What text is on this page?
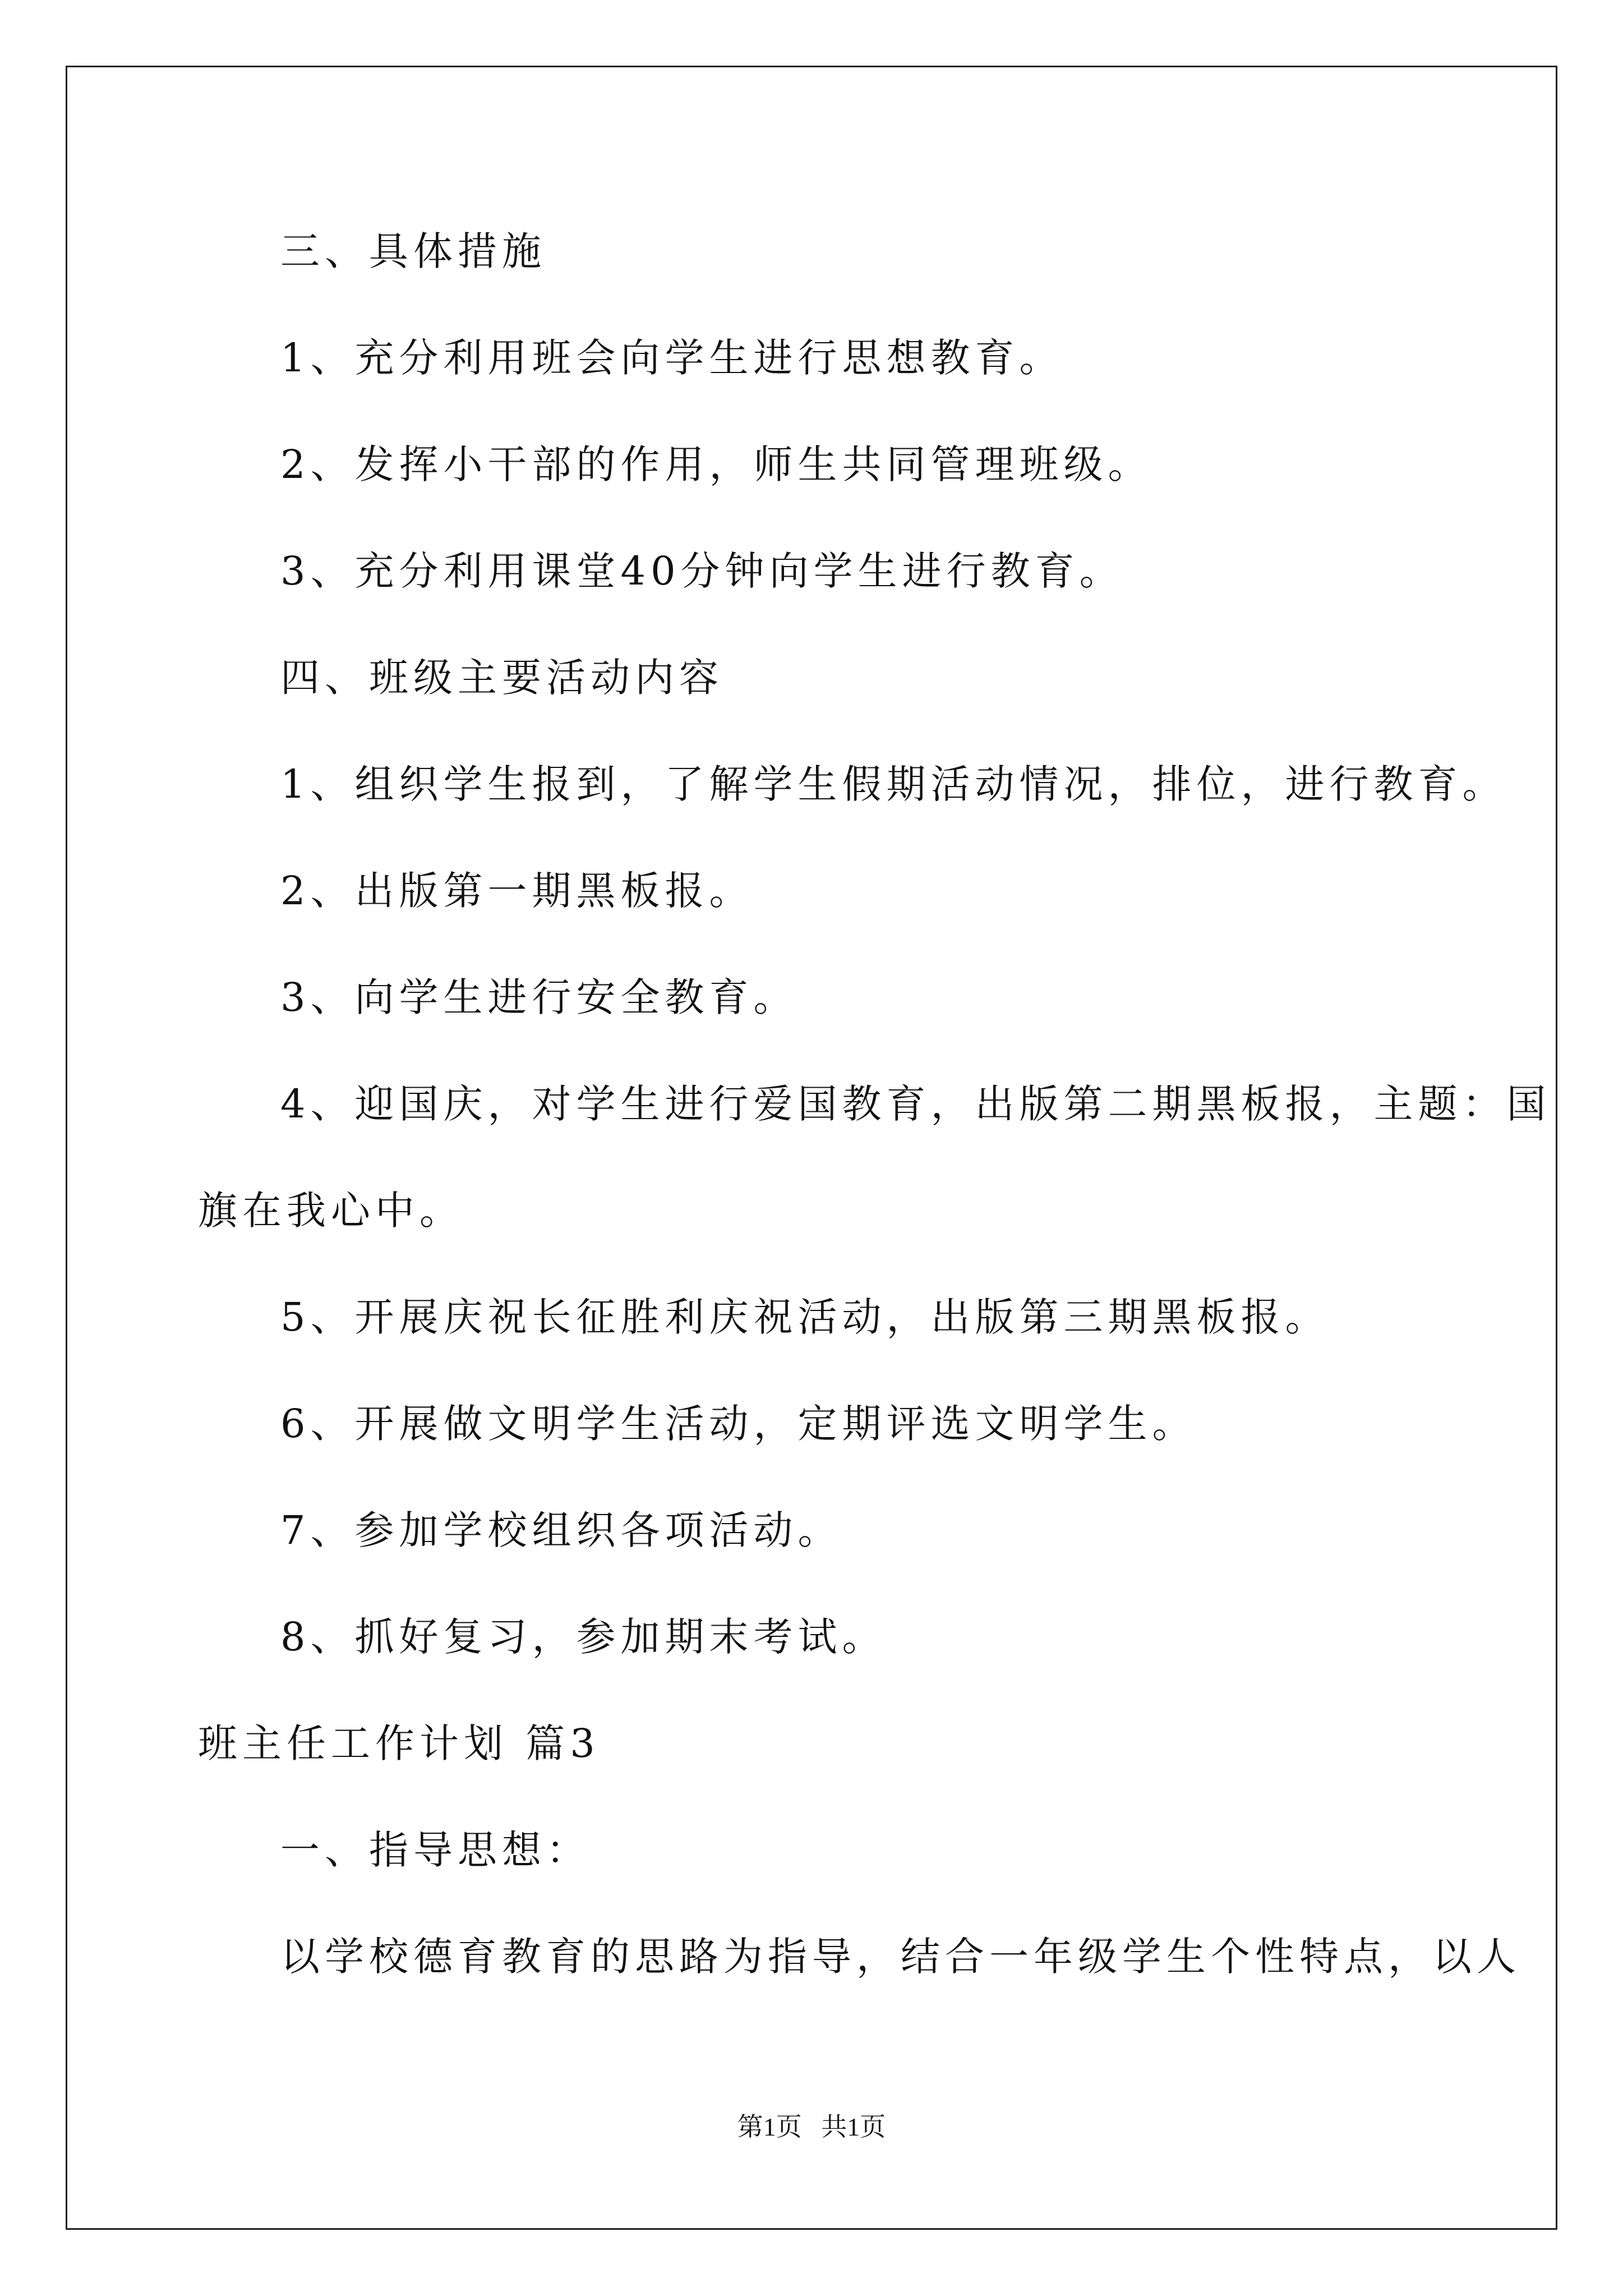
三、具体措施
1、充分利用班会向学生进行思想教育。
2、发挥小干部的作用，师生共同管理班级。
3、充分利用课堂40分钟向学生进行教育。
四、班级主要活动内容
1、组织学生报到，了解学生假期活动情况，排位，进行教育。
2、出版第一期黑板报。
3、向学生进行安全教育。
4、迎国庆，对学生进行爱国教育，出版第二期黑板报，主题：国
旗在我心中。
5、开展庆祝长征胜利庆祝活动，出版第三期黑板报。
6、开展做文明学生活动，定期评选文明学生。
7、参加学校组织各项活动。
8、抓好复习，参加期末考试。
班主任工作计划 篇3
一、指导思想：
以学校德育教育的思路为指导，结合一年级学生个性特点，以人
第1页   共1页
